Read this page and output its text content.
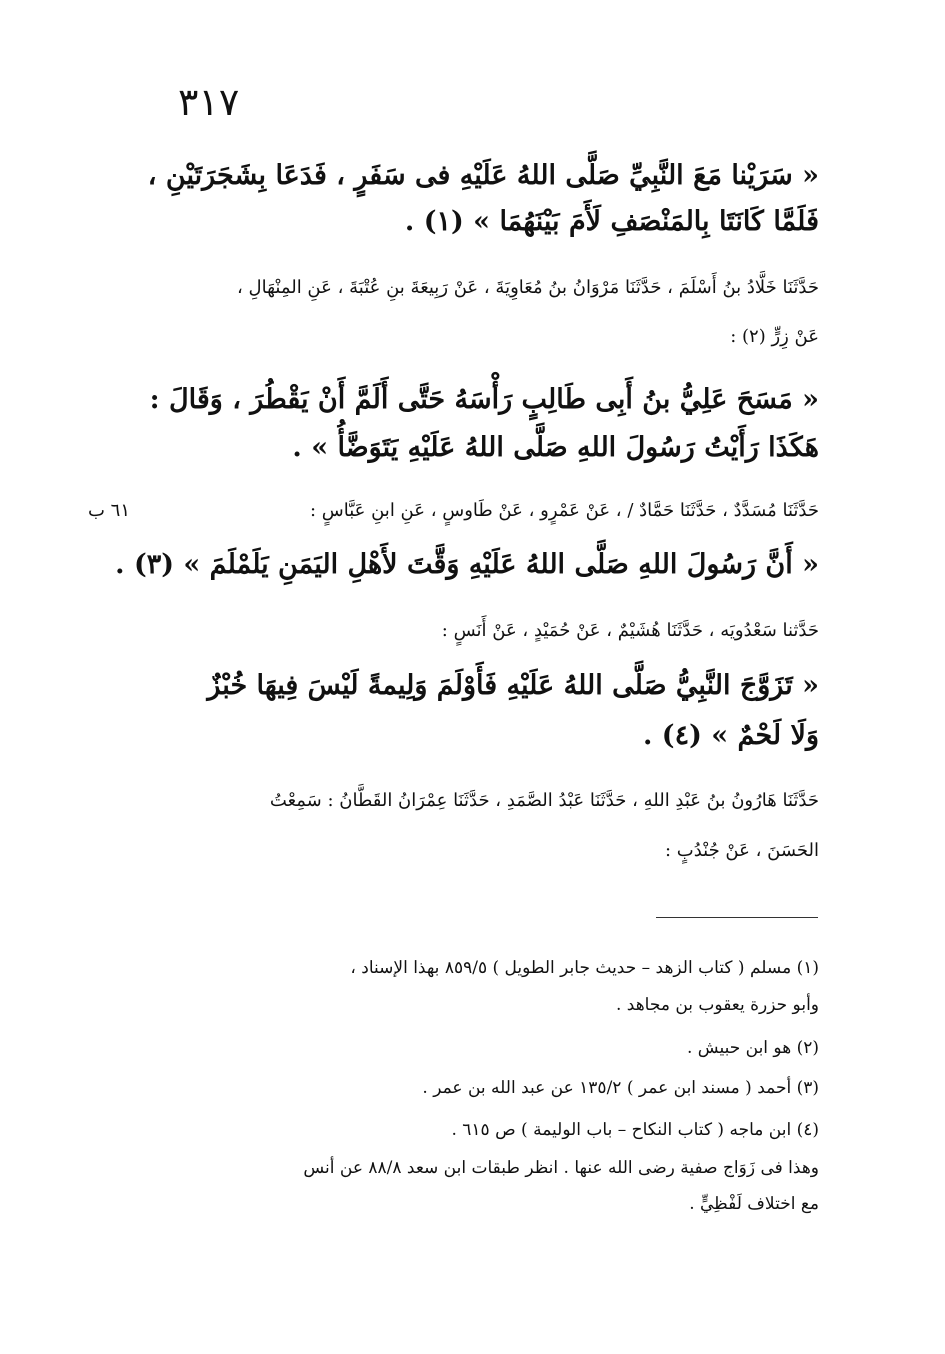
٣١٧
٦١ ب
« سَرَيْنا مَعَ النَّبِيِّ صَلَّى اللهُ عَلَيْهِ فى سَفَرٍ ، فَدَعَا بِشَجَرَتَيْنِ ،
فَلَمَّا كَانَتَا بِالمَنْصَفِ لَأَمَ بَيْنَهُمَا » (١) .
حَدَّثَنَا خَلَّادُ بنُ أَسْلَمَ ، حَدَّثَنَا مَرْوَانُ بنُ مُعَاوِيَةَ ، عَنْ رَبِيعَةَ بنِ عُتْبَةَ ، عَنِ المِنْهَالِ ،
عَنْ زِرٍّ (٢) :
« مَسَحَ عَلِيُّ بنُ أَبِى طَالِبٍ رَأْسَهُ حَتَّى أَلَمَّ أَنْ يَقْطُرَ ، وَقَالَ :
هَكَذَا رَأَيْتُ رَسُولَ اللهِ صَلَّى اللهُ عَلَيْهِ يَتَوَضَّأُ » .
حَدَّثَنَا مُسَدَّدٌ ، حَدَّثَنَا حَمَّادٌ / ، عَنْ عَمْرٍو ، عَنْ طَاوسٍ ، عَنِ ابنِ عَبَّاسٍ :
« أَنَّ رَسُولَ اللهِ صَلَّى اللهُ عَلَيْهِ وَقَّتَ لأَهْلِ اليَمَنِ يَلَمْلَمَ » (٣) .
حَدَّثنا سَعْدُويَه ، حَدَّثَنَا هُشَيْمٌ ، عَنْ حُمَيْدٍ ، عَنْ أَنَسٍ :
« تَزَوَّجَ النَّبِيُّ صَلَّى اللهُ عَلَيْهِ فَأَوْلَمَ وَلِيمةً لَيْسَ فِيهَا خُبْزٌ
وَلَا لَحْمٌ » (٤) .
حَدَّثَنَا هَارُونُ بنُ عَبْدِ اللهِ ، حَدَّثَنَا عَبْدُ الصَّمَدِ ، حَدَّثَنَا عِمْرَانُ القَطَّانُ : سَمِعْتُ
الحَسَنَ ، عَنْ جُنْدُبٍ :
(١) مسلم ( كتاب الزهد – حديث جابر الطويل ) ٨٥٩/٥ بهذا الإسناد ،
وأبو حزرة يعقوب بن مجاهد .
(٢) هو ابن حبيش .
(٣) أحمد ( مسند ابن عمر ) ١٣٥/٢ عن عبد الله بن عمر .
(٤) ابن ماجه ( كتاب النكاح – باب الوليمة ) ص ٦١٥ .
وهذا فى زَوَاج صفية رضى الله عنها . انظر طبقات ابن سعد ٨٨/٨ عن أنس
مع اختلاف لَفْظِيٍّ .
